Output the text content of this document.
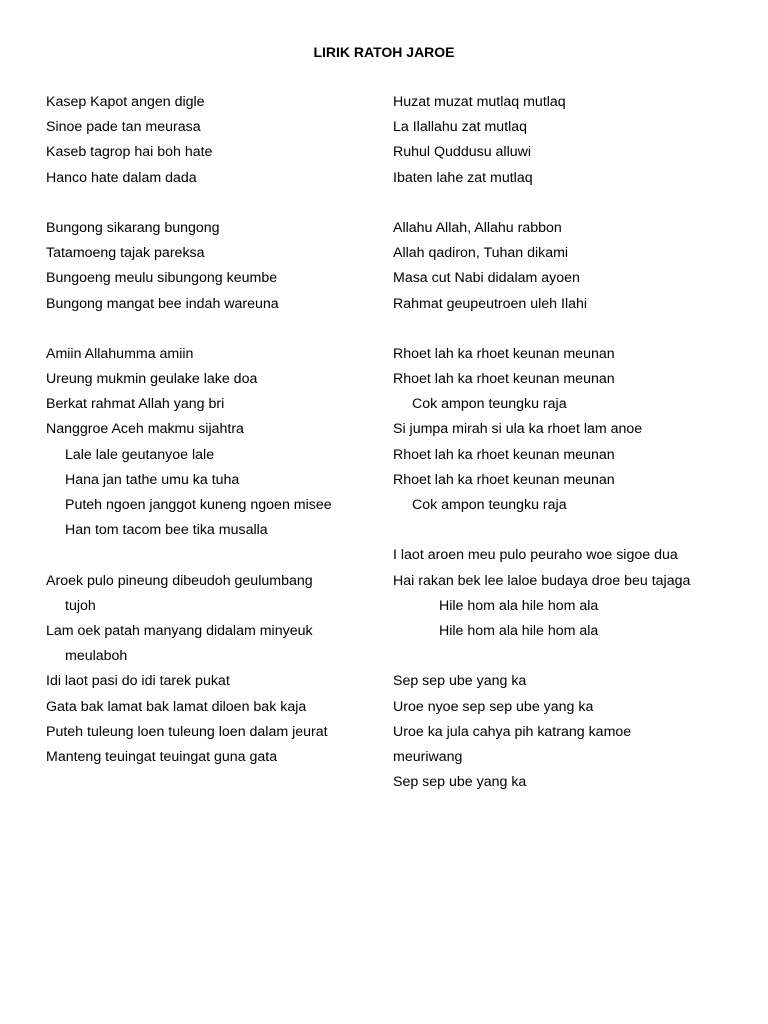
LIRIK RATOH JAROE
Kasep Kapot angen digle
Sinoe pade tan meurasa
Kaseb tagrop hai boh hate
Hanco hate dalam dada
Bungong sikarang bungong
Tatamoeng tajak pareksa
Bungoeng meulu sibungong keumbe
Bungong mangat bee indah wareuna
Amiin Allahumma amiin
Ureung mukmin geulake lake doa
Berkat rahmat Allah yang bri
Nanggroe Aceh makmu sijahtra
Lale lale geutanyoe lale
Hana jan tathe umu ka tuha
Puteh ngoen janggot kuneng ngoen misee
Han tom tacom bee tika musalla
Aroek pulo pineung dibeudoh geulumbang
tujoh
Lam oek patah manyang didalam minyeuk
meulaboh
Idi laot pasi do idi tarek pukat
Gata bak lamat bak lamat diloen bak kaja
Puteh tuleung loen tuleung loen dalam jeurat
Manteng teuingat teuingat guna gata
Huzat muzat mutlaq mutlaq
La Ilallahu zat mutlaq
Ruhul Quddusu alluwi
Ibaten lahe zat mutlaq
Allahu Allah, Allahu rabbon
Allah qadiron, Tuhan dikami
Masa cut Nabi didalam ayoen
Rahmat geupeutroen uleh Ilahi
Rhoet lah ka rhoet keunan meunan
Rhoet lah ka rhoet keunan meunan
Cok ampon teungku raja
Si jumpa mirah si ula ka rhoet lam anoe
Rhoet lah ka rhoet keunan meunan
Rhoet lah ka rhoet keunan meunan
Cok ampon teungku raja
I laot aroen meu pulo peuraho woe sigoe dua
Hai rakan bek lee laloe budaya droe beu tajaga
Hile hom ala hile hom ala
Hile hom ala hile hom ala
Sep sep ube yang ka
Uroe nyoe sep sep ube yang ka
Uroe ka jula cahya pih katrang kamoe
meuriwang
Sep sep ube yang ka
